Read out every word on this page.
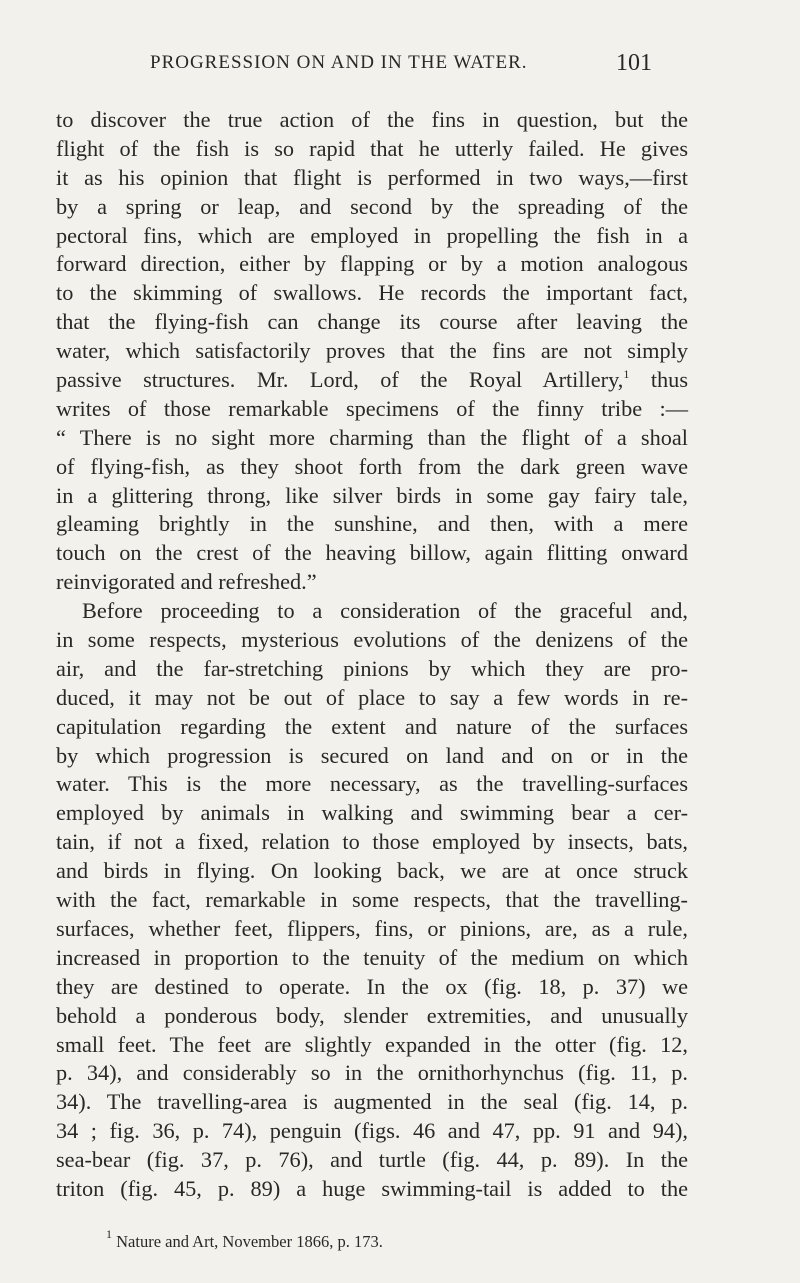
PROGRESSION ON AND IN THE WATER.	101
to discover the true action of the fins in question, but the
flight of the fish is so rapid that he utterly failed. He gives
it as his opinion that flight is performed in two ways,—first
by a spring or leap, and second by the spreading of the
pectoral fins, which are employed in propelling the fish in a
forward direction, either by flapping or by a motion analogous
to the skimming of swallows. He records the important fact,
that the flying-fish can change its course after leaving the
water, which satisfactorily proves that the fins are not simply
passive structures. Mr. Lord, of the Royal Artillery,$^1$ thus
writes of those remarkable specimens of the finny tribe :—
“ There is no sight more charming than the flight of a shoal
of flying-fish, as they shoot forth from the dark green wave
in a glittering throng, like silver birds in some gay fairy tale,
gleaming brightly in the sunshine, and then, with a mere
touch on the crest of the heaving billow, again flitting onward
reinvigorated and refreshed.”
Before proceeding to a consideration of the graceful and,
in some respects, mysterious evolutions of the denizens of the
air, and the far-stretching pinions by which they are pro-
duced, it may not be out of place to say a few words in re-
capitulation regarding the extent and nature of the surfaces
by which progression is secured on land and on or in the
water. This is the more necessary, as the travelling-surfaces
employed by animals in walking and swimming bear a cer-
tain, if not a fixed, relation to those employed by insects, bats,
and birds in flying. On looking back, we are at once struck
with the fact, remarkable in some respects, that the travelling-
surfaces, whether feet, flippers, fins, or pinions, are, as a rule,
increased in proportion to the tenuity of the medium on which
they are destined to operate. In the ox (fig. 18, p. 37) we
behold a ponderous body, slender extremities, and unusually
small feet. The feet are slightly expanded in the otter (fig. 12,
p. 34), and considerably so in the ornithorhynchus (fig. 11, p.
34). The travelling-area is augmented in the seal (fig. 14, p.
34 ; fig. 36, p. 74), penguin (figs. 46 and 47, pp. 91 and 94),
sea-bear (fig. 37, p. 76), and turtle (fig. 44, p. 89). In the
triton (fig. 45, p. 89) a huge swimming-tail is added to the
$^1$ Nature and Art, November 1866, p. 173.
